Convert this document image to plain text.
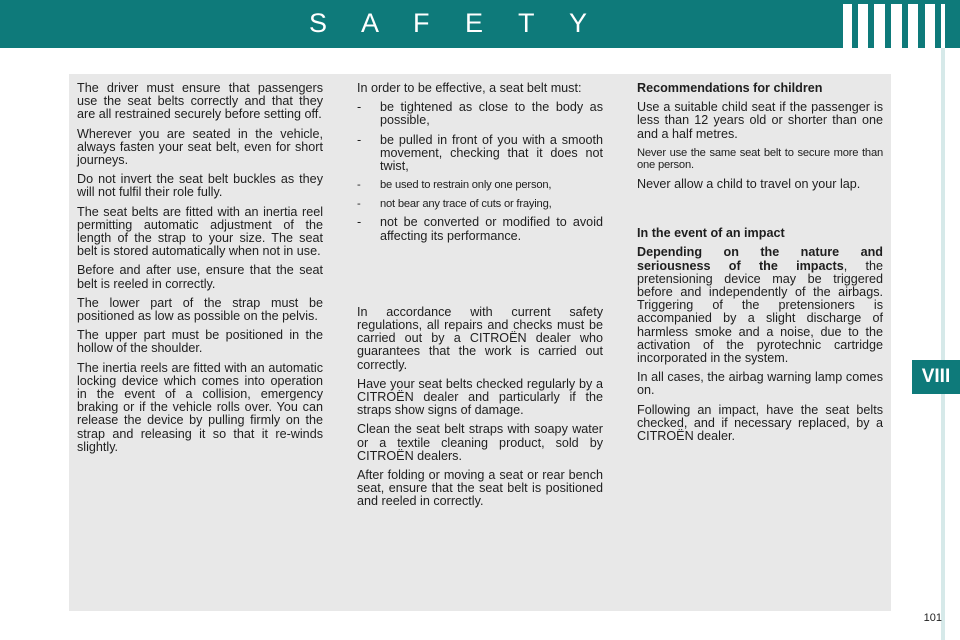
S A F E T Y
VIII

The driver must ensure that passengers use the seat belts correctly and that they are all restrained securely before setting off.

Wherever you are seated in the vehicle, always fasten your seat belt, even for short journeys.

Do not invert the seat belt buckles as they will not fulfil their role fully.

The seat belts are fitted with an inertia reel permitting automatic adjustment of the length of the strap to your size. The seat belt is stored automatically when not in use.

Before and after use, ensure that the seat belt is reeled in correctly.

The lower part of the strap must be positioned as low as possible on the pelvis.

The upper part must be positioned in the hollow of the shoulder.

The inertia reels are fitted with an automatic locking device which comes into operation in the event of a collision, emergency braking or if the vehicle rolls over. You can release the device by pulling firmly on the strap and releasing it so that it re-winds slightly.

In order to be effective, a seat belt must:

- be tightened as close to the body as possible,
- be pulled in front of you with a smooth movement, checking that it does not twist,
- be used to restrain only one person,
- not bear any trace of cuts or fraying,
- not be converted or modified to avoid affecting its performance.

In accordance with current safety regulations, all repairs and checks must be carried out by a CITROËN dealer who guarantees that the work is carried out correctly.

Have your seat belts checked regularly by a CITROËN dealer and particularly if the straps show signs of damage.

Clean the seat belt straps with soapy water or a textile cleaning product, sold by CITROËN dealers.

After folding or moving a seat or rear bench seat, ensure that the seat belt is positioned and reeled in correctly.

Recommendations for children

Use a suitable child seat if the passenger is less than 12 years old or shorter than one and a half metres.

Never use the same seat belt to secure more than one person.

Never allow a child to travel on your lap.

In the event of an impact

Depending on the nature and seriousness of the impacts, the pretensioning device may be triggered before and independently of the airbags. Triggering of the pretensioners is accompanied by a slight discharge of harmless smoke and a noise, due to the activation of the pyrotechnic cartridge incorporated in the system.

In all cases, the airbag warning lamp comes on.

Following an impact, have the seat belts checked, and if necessary replaced, by a CITROËN dealer.

101
